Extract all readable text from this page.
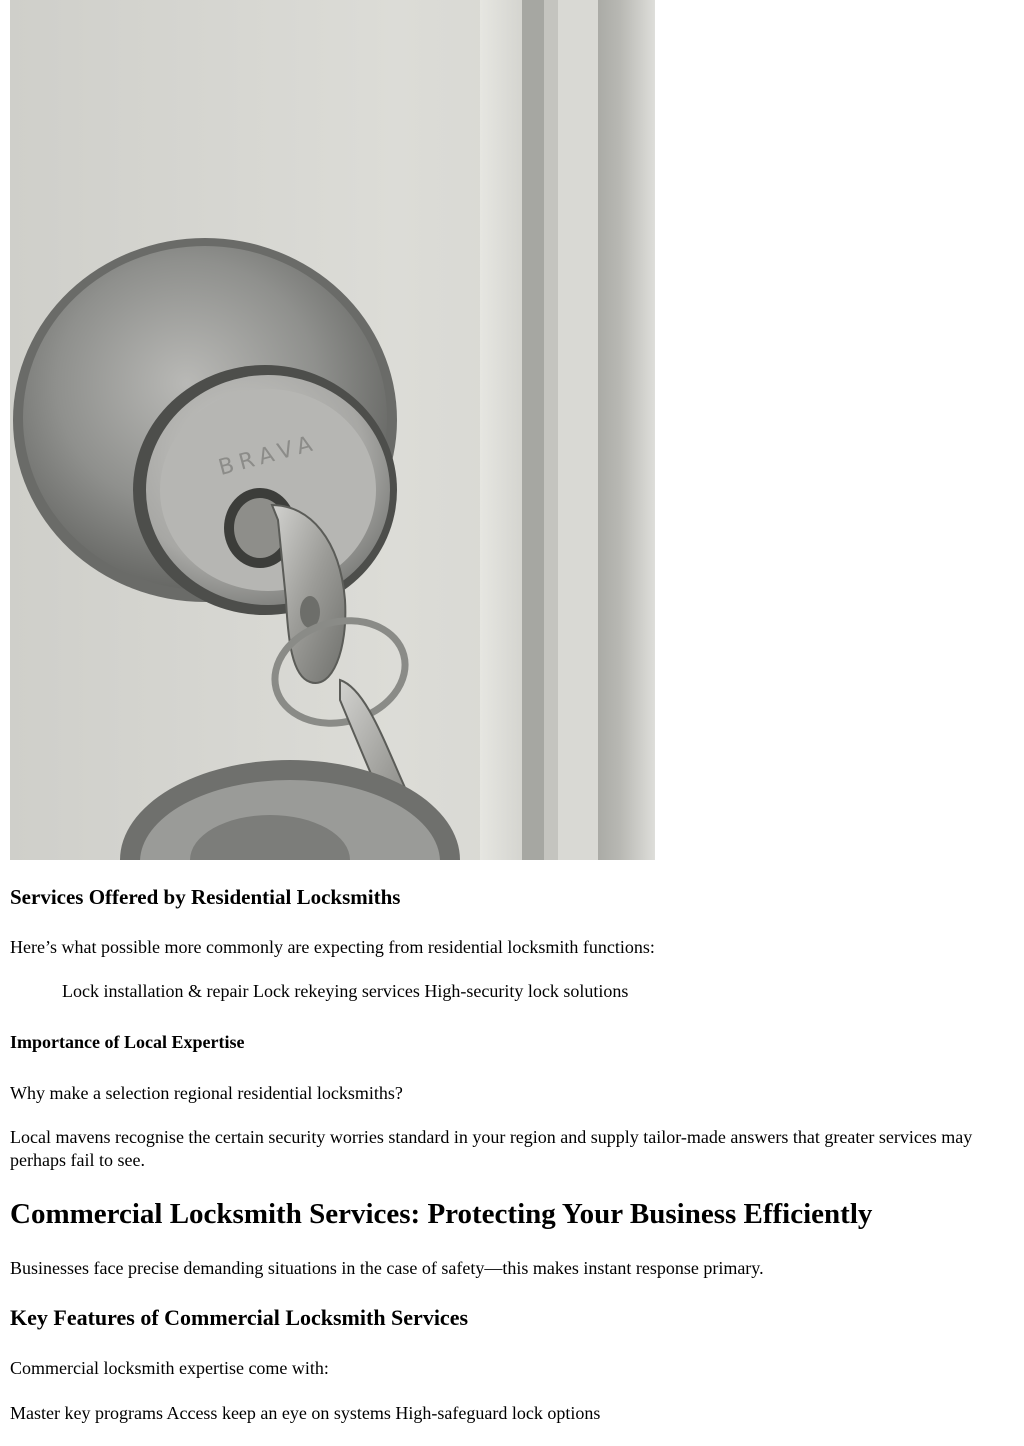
BRAVA
Services Offered by Residential Locksmiths

Here’s what possible more commonly are expecting from residential locksmith functions:

Lock installation & repair Lock rekeying services High-security lock solutions

Importance of Local Expertise

Why make a selection regional residential locksmiths?

Local mavens recognise the certain security worries standard in your region and supply tailor-made answers that greater services may perhaps fail to see.

Commercial Locksmith Services: Protecting Your Business Efficiently

Businesses face precise demanding situations in the case of safety—this makes instant response primary.

Key Features of Commercial Locksmith Services

Commercial locksmith expertise come with:

Master key programs Access keep an eye on systems High-safeguard lock options
